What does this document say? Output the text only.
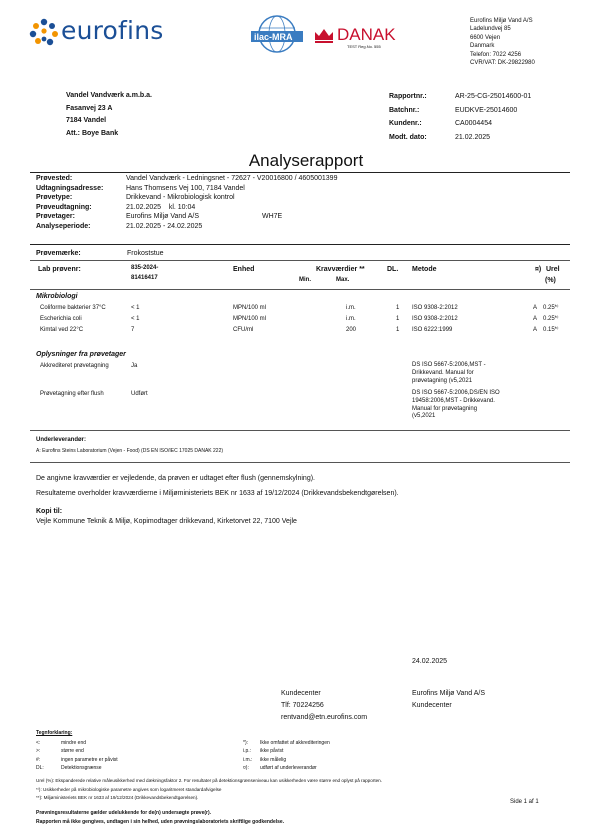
eurofins	ilac-MRA	DANAK
TEST Reg.No. 555
Eurofins Miljø Vand A/S
Ladelundvej 85
6600 Vejen
Danmark
Telefon: 7022 4256
CVR/VAT: DK-29822980
Vandel Vandværk a.m.b.a.
Fasanvej 23 A
7184 Vandel
Att.: Boye Bank
Rapportnr.:	AR-25-CG-25014600-01
Batchnr.:	EUDKVE-25014600
Kundenr.:	CA0004454
Modt. dato:	21.02.2025
Analyserapport
Prøvested:	Vandel Vandværk - Ledningsnet - 72627 - V20016800 / 4605001399
Udtagningsadresse:	Hans Thomsens Vej 100, 7184 Vandel
Prøvetype:	Drikkevand - Mikrobiologisk kontrol
Prøveudtagning:	21.02.2025    kl. 10:04
Prøvetager:	Eurofins Miljø Vand A/S	WH7E
Analyseperiode:	21.02.2025 - 24.02.2025
Prøvemærke:	Frokoststue
Lab prøvenr:	835-2024-
81416417
Enhed	Kravværdier **
Min.	Max.
DL. Metode	¤) Urel
(%)
Mikrobiologi
Coliforme bakterier 37°C	< 1	MPN/100 ml	i.m.	1 ISO 9308-2:2012	A 0.25*⁾
Escherichia coli	< 1	MPN/100 ml	i.m.	1 ISO 9308-2:2012	A 0.25*⁾
Kimtal ved 22°C	7	CFU/ml	200	1 ISO 6222:1999	A 0.15*⁾
Oplysninger fra prøvetager
Akkrediteret prøvetagning	Ja	DS ISO 5667-5:2006,MST -
Drikkevand. Manual for
prøvetagning (v5,2021
Prøvetagning efter flush	Udført	DS ISO 5667-5:2006,DS/EN ISO
19458:2006,MST - Drikkevand.
Manual for prøvetagning
(v5,2021
Underleverandør:
A: Eurofins Steins Laboratorium (Vejen - Food) (DS EN ISO/IEC 17025 DANAK 222)
De angivne kravværdier er vejledende, da prøven er udtaget efter flush (gennemskylning).
Resultaterne overholder kravværdierne i Miljøministeriets BEK nr 1633 af 19/12/2024 (Drikkevandsbekendtgørelsen).
Kopi til:
Vejle Kommune Teknik & Miljø, Kopimodtager drikkevand, Kirketorvet 22, 7100 Vejle
24.02.2025
Kundecenter
Tlf: 70224256
rentvand@etn.eurofins.com
Eurofins Miljø Vand A/S
Kundecenter
Tegnforklaring:
<:	mindre end
>:	større end
#:	ingen parametre er påvist
DL:	Detektionsgrænse
*):	Ikke omfattet af akkrediteringen
i.p.:	ikke påvist
i.m.:	ikke målelig
¤):	udført af underleverandør
Urel (%): Ekspanderede relative måleusikkerhed med dækningsfaktor 2. For resultater på detektionsgrænseniveau kan usikkerheden være større end oplyst på rapporten.
*⁾): Usikkerheder på mikrobiologiske parametre angives som logaritmeret standardafvigelse
**): Miljøministeriets BEK nr 1633 af 19/12/2024 (Drikkevandsbekendtgørelsen).
Side 1 af 1
Prøvningsresultaterne gælder udelukkende for de(n) undersøgte prøve(r).
Rapporten må ikke gengives, undtagen i sin helhed, uden prøvningslaboratoriets skriftlige godkendelse.
